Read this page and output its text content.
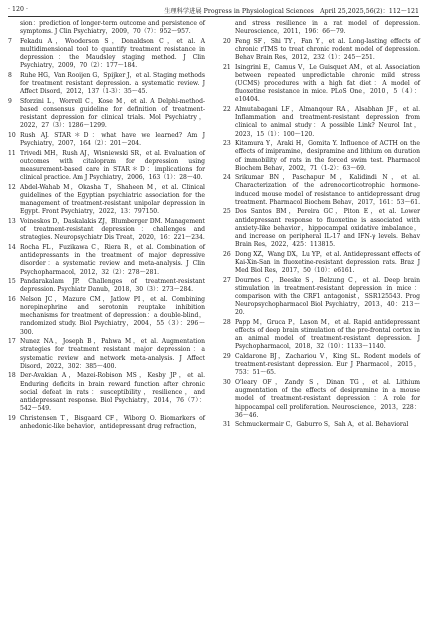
· 120 ·	生理科学进展 Progress in Physiological Sciences　April 25,2025,56(2)：112～121
sion：prediction of longer-term outcome and persistence of symptoms. J Clin Psychiatry，2009，70（7）：952～957.
7	Fekadu A，Wooderson S，Donaldson C，et al. A multidimensional tool to quantify treatment resistance in depression：the Maudsley staging method. J Clin Psychiatry，2009，70（2）：177～184.
8	Ruhe HG，Van Rooijen G，Spijker J，et al. Staging methods for treatment resistant depression. a systematic review. J Affect Disord，2012，137（1-3）：35～45.
9	Sforzini L，Worrell C，Kose M，et al. A Delphi-method-based consensus guideline for definition of treatment-resistant depression for clinical trials. Mol Psychiatry，2022，27（3）：1286～1299.
10 Rush AJ. STAR＊D：what have we learned? Am J Psychiatry，2007，164（2）：201～204.
11 Trivedi MH，Rush AJ，Wisniewski SR，et al. Evaluation of outcomes with citalopram for depression using measurement-based care in STAR＊D：implications for clinical practice. Am J Psychiatry，2006，163（1）：28～40.
12 Abdel-Wahab M，Okasha T，Shaheen M，et al. Clinical guidelines of the Egyptian psychiatric association for the management of treatment-resistant unipolar depression in Egypt. Front Psychiatry，2022，13：797150.
13 Voineskos D，Daskalakis ZJ，Blumberger DM. Management of treatment-resistant depression：challenges and strategies. Neuropsychiatr Dis Treat，2020，16：221～234.
14 Rocha FL，Fuzikawa C，Riera R，et al. Combination of antidepressants in the treatment of major depressive disorder：a systematic review and meta-analysis. J Clin Psychopharmacol，2012，32（2）：278～281.
15 Pandarakalam JP. Challenges of treatment-resistant depression. Psychiatr Danub，2018，30（3）：273～284.
16 Nelson JC，Mazure CM，Jatlow PI，et al. Combining norepinephrine and serotonin reuptake inhibition mechanisms for treatment of depression：a double-blind，randomized study. Biol Psychiatry，2004，55（3）：296～300.
17 Nunez NA，Joseph B，Pahwa M，et al. Augmentation strategies for treatment resistant major depression：a systematic review and network meta-analysis. J Affect Disord，2022，302：385～400.
18 Der-Avakian A，Mazei-Robison MS，Kesby JP，et al. Enduring deficits in brain reward function after chronic social defeat in rats：susceptibility，resilience，and antidepressant response. Biol Psychiatry，2014，76（7）：542～549.
19 Christensen T，Bisgaard CF，Wiborg O. Biomarkers of anhedonic-like behavior，antidepressant drug refraction，
and stress resilience in a rat model of depression. Neuroscience，2011，196：66～79.
20 Feng SF，Shi TY，Fan Y，et al. Long-lasting effects of chronic rTMS to treat chronic rodent model of depression. Behav Brain Res，2012，232（1）：245～251.
21 Isingrini E，Camus V，Le Guisquet AM，et al. Association between repeated unpredictable chronic mild stress (UCMS) procedures with a high fat diet：A model of fluoxetine resistance in mice. PLoS One，2010，5（4）：e10404.
22 Almutabagani LF，Almanqour RA，Alsabhan JF，et al. Inflammation and treatment-resistant depression from clinical to animal study：A possible Link? Neurol Int，2023，15（1）：100～120.
23 Kitamura Y，Araki H，Gomita Y. Influence of ACTH on the effects of imipramine，desipramine and lithium on duration of immobility of rats in the forced swim test. Pharmacol Biochem Behav，2002，71（1-2）：63～69.
24 Srikumar BN，Paschapur M，Kalidindi N，et al. Characterization of the adrenocorticotrophic hormone-induced mouse model of resistance to antidepressant drug treatment. Pharmacol Biochem Behav，2017，161：53～61.
25 Dos Santos BM，Pereira GC，Piton E，et al. Lower antidepressant response to fluoxetine is associated with anxiety-like behavior，hippocampal oxidative imbalance，and increase on peripheral IL-17 and IFN-γ levels. Behav Brain Res，2022，425：113815.
26 Dong XZ，Wang DX，Lu YP，et al. Antidepressant effects of Kai-Xin-San in fluoxetine-resistant depression rats. Braz J Med Biol Res，2017，50（10）：e6161.
27 Dournes C，Beeske S，Belzung C，et al. Deep brain stimulation in treatment-resistant depression in mice：comparison with the CRF1 antagonist，SSR125543. Prog Neuropsychopharmacol Biol Psychiatry，2013，40：213～20.
28 Papp M，Gruca P，Lason M，et al. Rapid antidepressant effects of deep brain stimulation of the pre-frontal cortex in an animal model of treatment-resistant depression. J Psychopharmacol，2018，32（10）：1133～1140.
29 Caldarone BJ，Zachariou V，King SL. Rodent models of treatment-resistant depression. Eur J Pharmacol，2015，753：51～65.
30 O'leary OF，Zandy S，Dinan TG，et al. Lithium augmentation of the effects of desipramine in a mouse model of treatment-resistant depression：A role for hippocampal cell proliferation. Neuroscience，2013，228：36～46.
31 Schmuckermair C，Gaburro S，Sah A，et al. Behavioral
